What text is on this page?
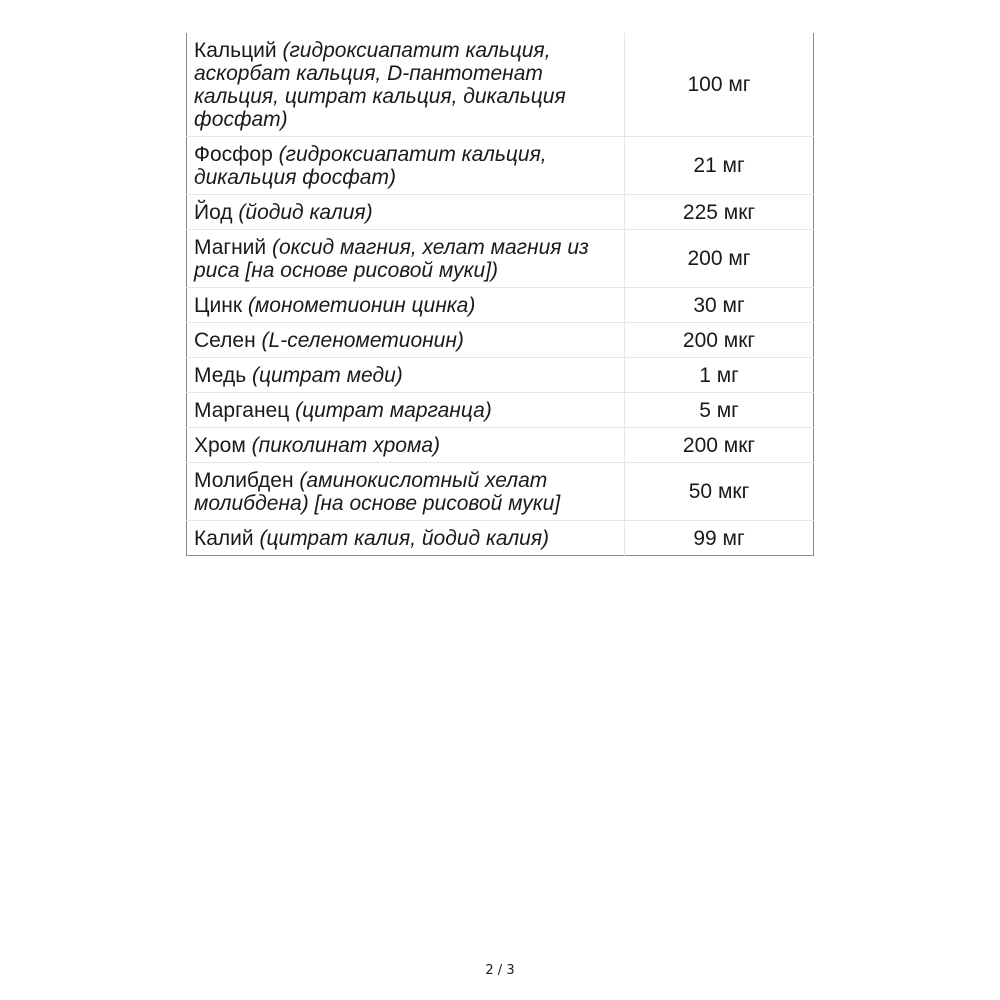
Кальций (гидроксиапатит кальция, аскорбат кальция, D-пантотенат кальция, цитрат кальция, дикальция фосфат)	100 мг
Фосфор (гидроксиапатит кальция, дикальция фосфат)	21 мг
Йод (йодид калия)	225 мкг
Магний (оксид магния, хелат магния из риса [на основе рисовой муки])	200 мг
Цинк (монометионин цинка)	30 мг
Селен (L-селенометионин)	200 мкг
Медь (цитрат меди)	1 мг
Марганец (цитрат марганца)	5 мг
Хром (пиколинат хрома)	200 мкг
Молибден (аминокислотный хелат молибдена) [на основе рисовой муки]	50 мкг
Калий (цитрат калия, йодид калия)	99 мг
2 / 3
